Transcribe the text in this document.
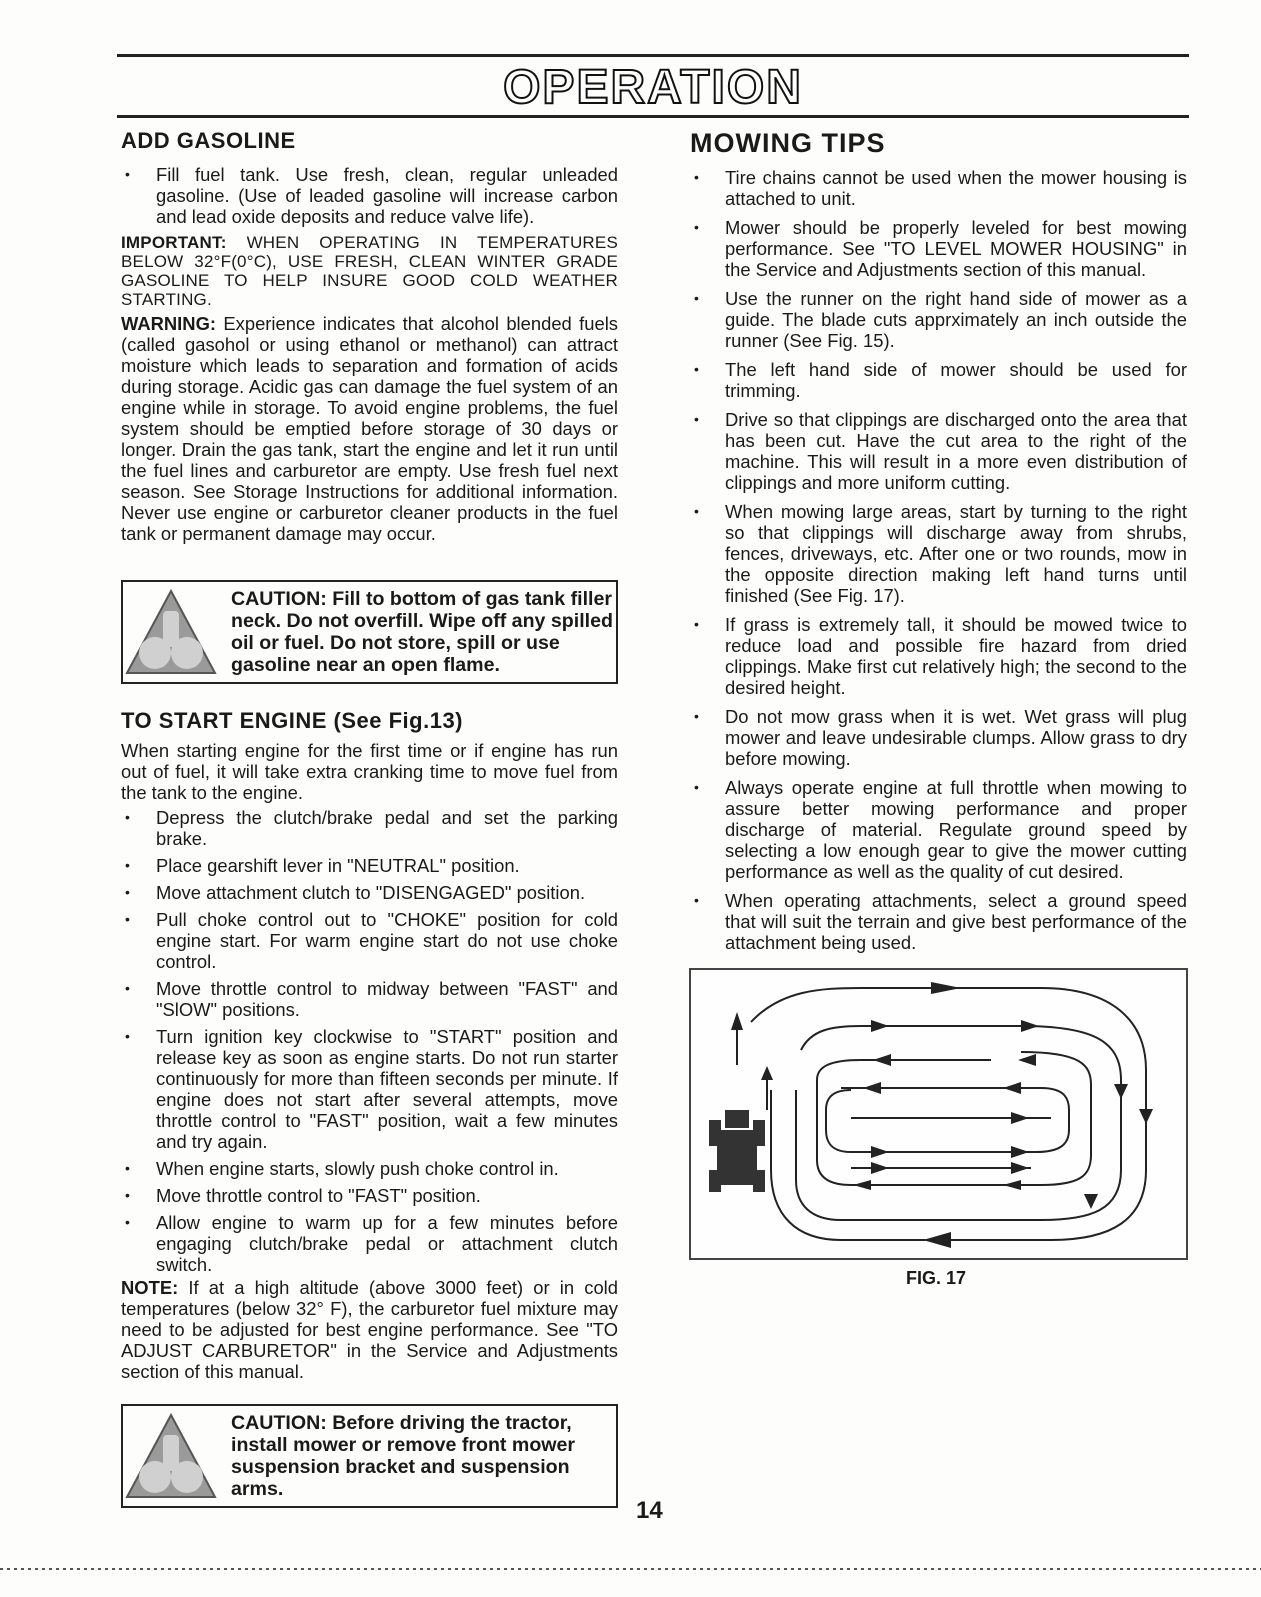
OPERATION
ADD GASOLINE
• Fill fuel tank. Use fresh, clean, regular unleaded gasoline. (Use of leaded gasoline will increase carbon and lead oxide deposits and reduce valve life).

IMPORTANT: WHEN OPERATING IN TEMPERATURES BELOW 32°F(0°C), USE FRESH, CLEAN WINTER GRADE GASOLINE TO HELP INSURE GOOD COLD WEATHER STARTING.

WARNING: Experience indicates that alcohol blended fuels (called gasohol or using ethanol or methanol) can attract moisture which leads to separation and formation of acids during storage. Acidic gas can damage the fuel system of an engine while in storage. To avoid engine problems, the fuel system should be emptied before storage of 30 days or longer. Drain the gas tank, start the engine and let it run until the fuel lines and carburetor are empty. Use fresh fuel next season. See Storage Instructions for additional information. Never use engine or carburetor cleaner products in the fuel tank or permanent damage may occur.

CAUTION: Fill to bottom of gas tank filler neck. Do not overfill. Wipe off any spilled oil or fuel. Do not store, spill or use gasoline near an open flame.
TO START ENGINE (See Fig.13)

When starting engine for the first time or if engine has run out of fuel, it will take extra cranking time to move fuel from the tank to the engine.

• Depress the clutch/brake pedal and set the parking brake.
• Place gearshift lever in "NEUTRAL" position.
• Move attachment clutch to "DISENGAGED" position.
• Pull choke control out to "CHOKE" position for cold engine start. For warm engine start do not use choke control.
• Move throttle control to midway between "FAST" and "SlOW" positions.
• Turn ignition key clockwise to "START" position and release key as soon as engine starts. Do not run starter continuously for more than fifteen seconds per minute. If engine does not start after several attempts, move throttle control to "FAST" position, wait a few minutes and try again.
• When engine starts, slowly push choke control in.
• Move throttle control to "FAST" position.
• Allow engine to warm up for a few minutes before engaging clutch/brake pedal or attachment clutch switch.

NOTE: If at a high altitude (above 3000 feet) or in cold temperatures (below 32° F), the carburetor fuel mixture may need to be adjusted for best engine performance. See "TO ADJUST CARBURETOR" in the Service and Adjustments section of this manual.

CAUTION: Before driving the tractor, install mower or remove front mower suspension bracket and suspension arms.
MOWING TIPS
• Tire chains cannot be used when the mower housing is attached to unit.
• Mower should be properly leveled for best mowing performance. See "TO LEVEL MOWER HOUSING" in the Service and Adjustments section of this manual.
• Use the runner on the right hand side of mower as a guide. The blade cuts apprximately an inch outside the runner (See Fig. 15).
• The left hand side of mower should be used for trimming.
• Drive so that clippings are discharged onto the area that has been cut. Have the cut area to the right of the machine. This will result in a more even distribution of clippings and more uniform cutting.
• When mowing large areas, start by turning to the right so that clippings will discharge away from shrubs, fences, driveways, etc. After one or two rounds, mow in the opposite direction making left hand turns until finished (See Fig. 17).
• If grass is extremely tall, it should be mowed twice to reduce load and possible fire hazard from dried clippings. Make first cut relatively high; the second to the desired height.
• Do not mow grass when it is wet. Wet grass will plug mower and leave undesirable clumps. Allow grass to dry before mowing.
• Always operate engine at full throttle when mowing to assure better mowing performance and proper discharge of material. Regulate ground speed by selecting a low enough gear to give the mower cutting performance as well as the quality of cut desired.
• When operating attachments, select a ground speed that will suit the terrain and give best performance of the attachment being used.
FIG. 17
14
